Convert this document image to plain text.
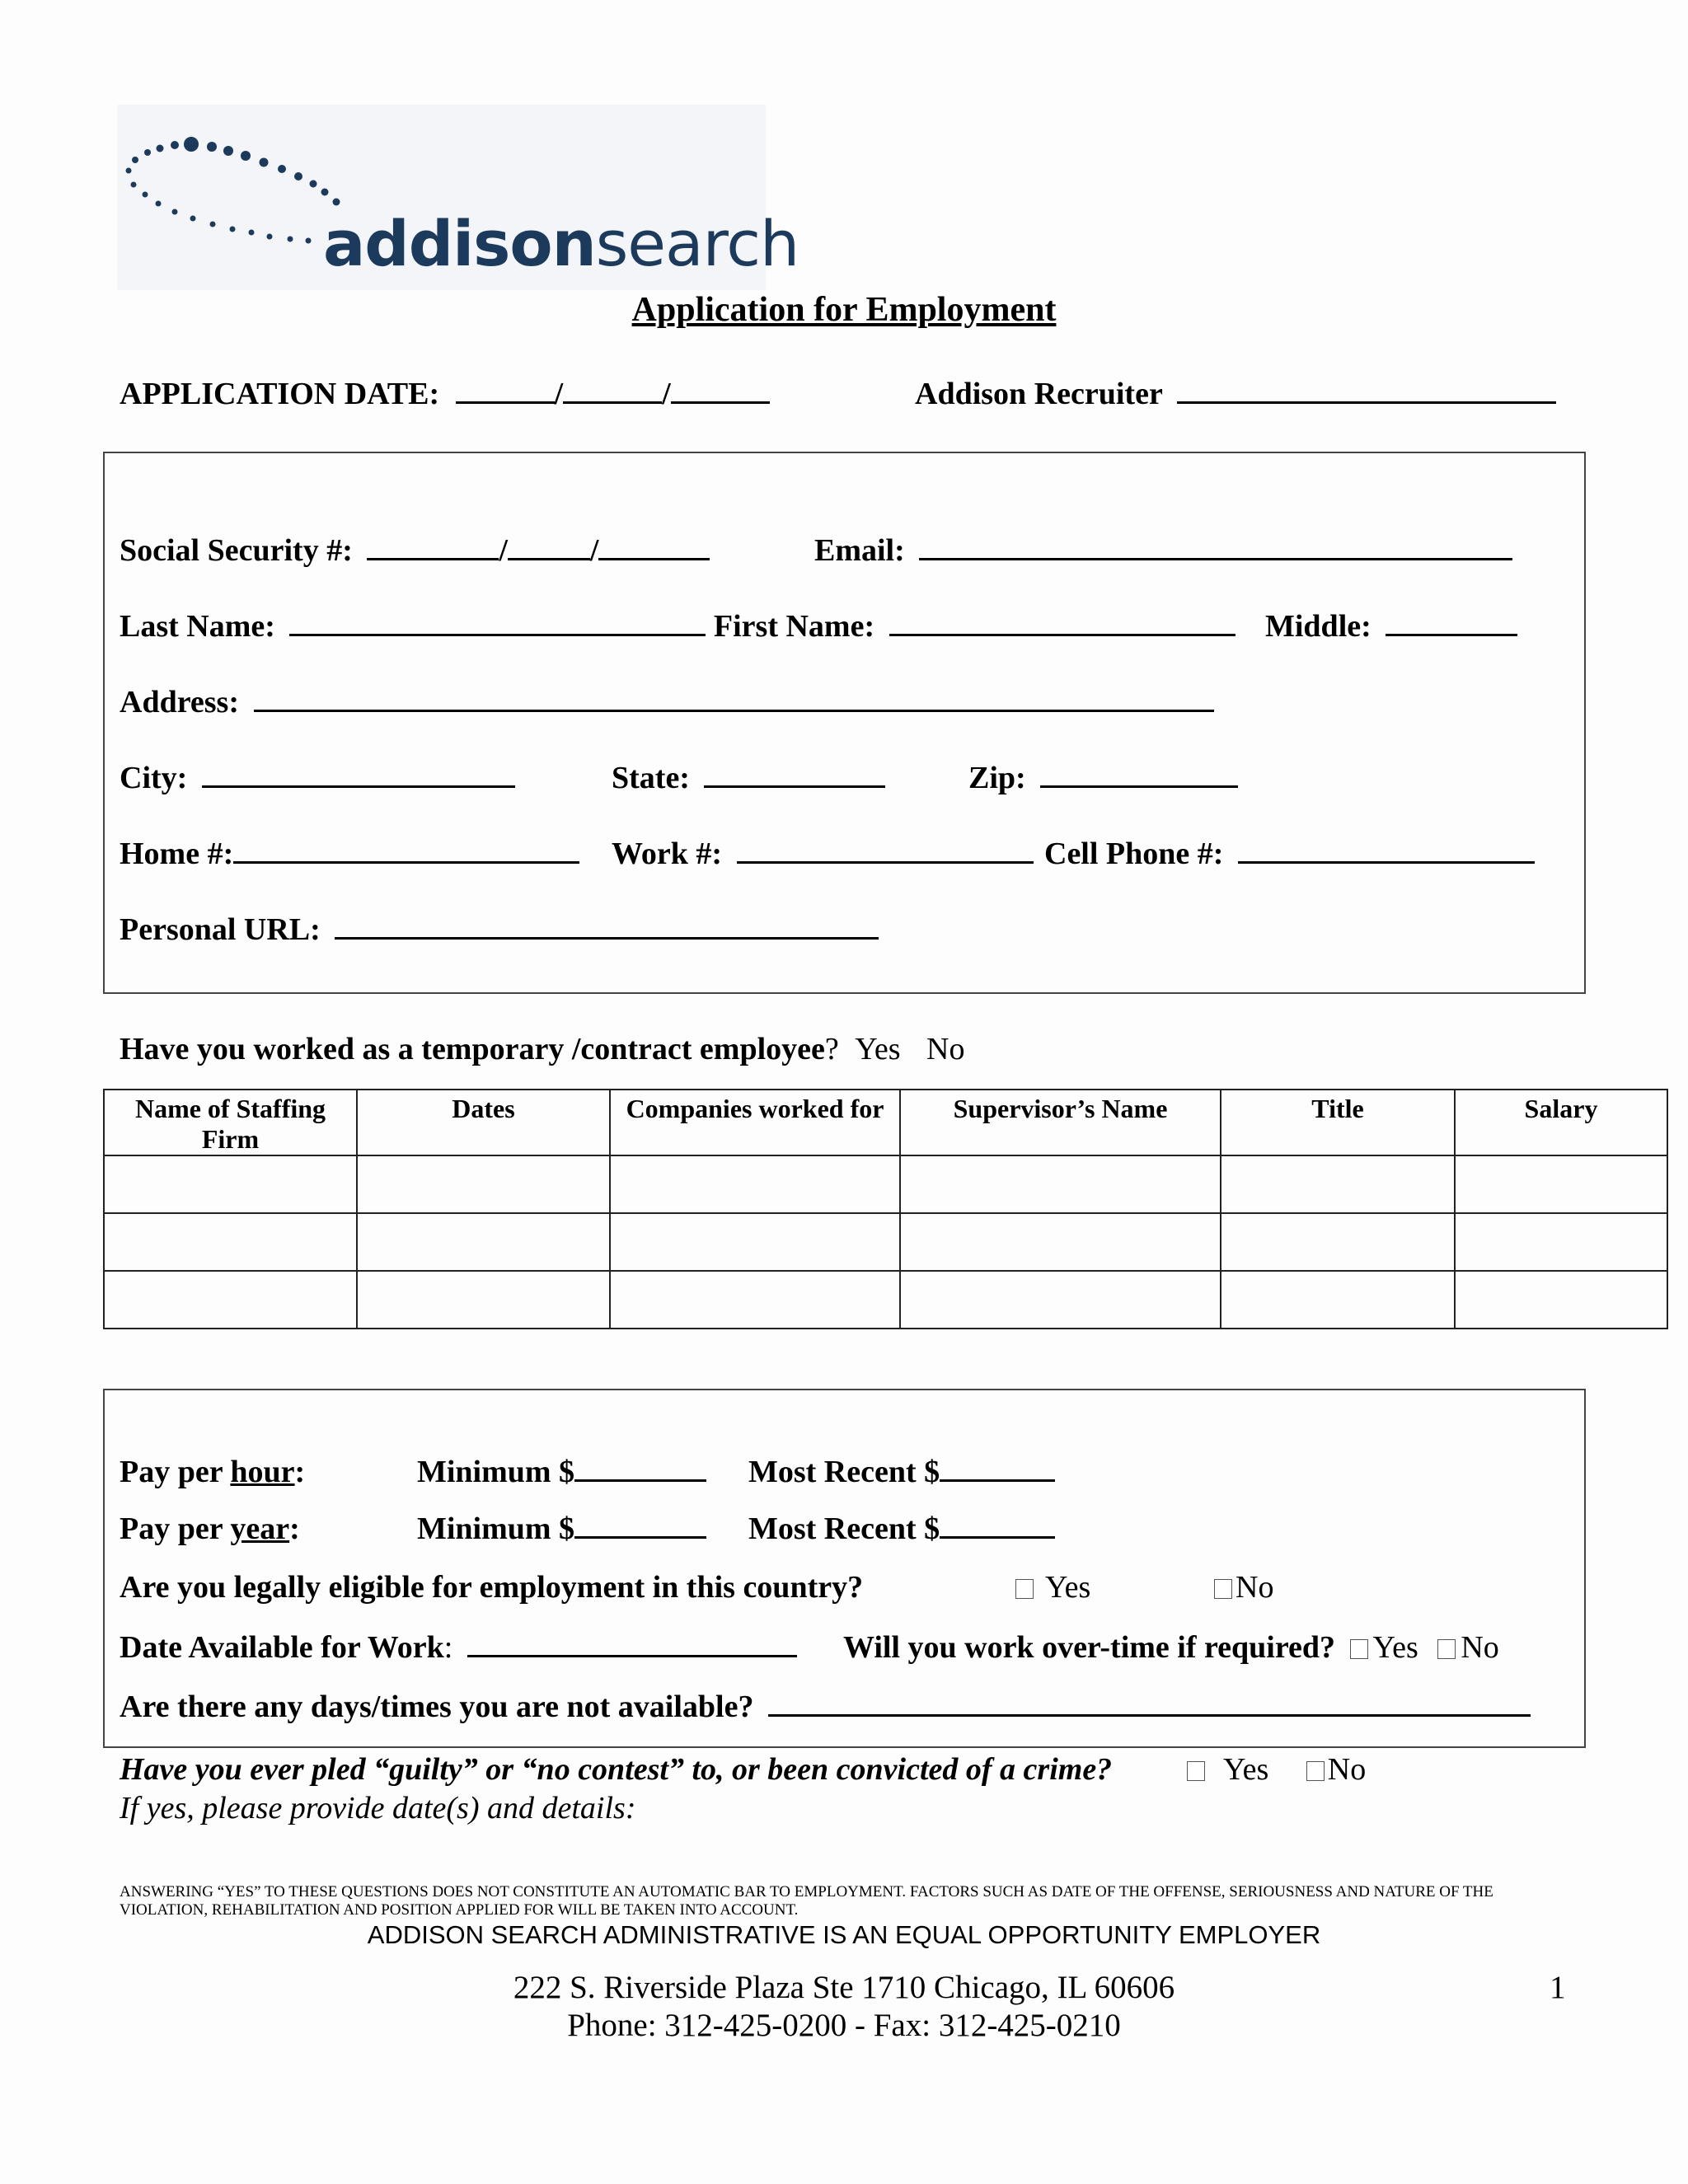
addisonsearch
Application for Employment
APPLICATION DATE:	/	/	Addison Recruiter
Social Security #:	/	/	Email:
Last Name:	First Name:	Middle:
Address:
City:	State:	Zip:
Home #:	Work #:	Cell Phone #:
Personal URL:
Have you worked as a temporary /contract employee? Yes No
Name of Staffing Firm	Dates	Companies worked for	Supervisor’s Name	Title	Salary

Pay per hour:	Minimum $	Most Recent $
Pay per year:	Minimum $	Most Recent $
Are you legally eligible for employment in this country?	Yes	No
Date Available for Work:	Will you work over-time if required? Yes No
Are there any days/times you are not available?
Have you ever pled “guilty” or “no contest” to, or been convicted of a crime?	Yes No
If yes, please provide date(s) and details:
ANSWERING “YES” TO THESE QUESTIONS DOES NOT CONSTITUTE AN AUTOMATIC BAR TO EMPLOYMENT. FACTORS SUCH AS DATE OF THE OFFENSE, SERIOUSNESS AND NATURE OF THE VIOLATION, REHABILITATION AND POSITION APPLIED FOR WILL BE TAKEN INTO ACCOUNT.
ADDISON SEARCH ADMINISTRATIVE IS AN EQUAL OPPORTUNITY EMPLOYER
222 S. Riverside Plaza Ste 1710 Chicago, IL 60606
Phone: 312-425-0200 - Fax: 312-425-0210
1
